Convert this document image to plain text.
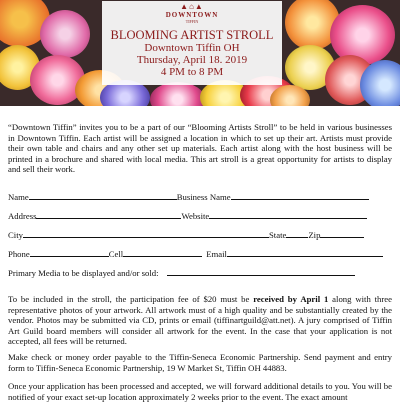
▲⌂▲
DOWNTOWN
TIFFIN
BLOOMING ARTIST STROLL
Downtown Tiffin OH
Thursday, April 18. 2019
4 PM to 8 PM

“Downtown Tiffin” invites you to be a part of our “Blooming Artists Stroll” to be held in various businesses in Downtown Tiffin. Each artist will be assigned a location in which to set up their art. Artists must provide their own table and chairs and any other set up materials. Each artist along with the host business will be printed in a brochure and shared with local media. This art stroll is a great opportunity for artists to display and sell their work.

Name	Business Name
Address	Website
City	State	Zip
Phone	Cell	Email
Primary Media to be displayed and/or sold:

To be included in the stroll, the participation fee of $20 must be received by April 1 along with three representative photos of your artwork. All artwork must of a high quality and be substantially created by the vendor. Photos may be submitted via CD, prints or email (tiffinartguild@att.net). A jury comprised of Tiffin Art Guild board members will consider all artwork for the event. In the case that your application is not accepted, all fees will be returned.

Make check or money order payable to the Tiffin-Seneca Economic Partnership. Send payment and entry form to Tiffin-Seneca Economic Partnership, 19 W Market St, Tiffin OH 44883.

Once your application has been processed and accepted, we will forward additional details to you. You will be notified of your exact set-up location approximately 2 weeks prior to the event. The exact amount
